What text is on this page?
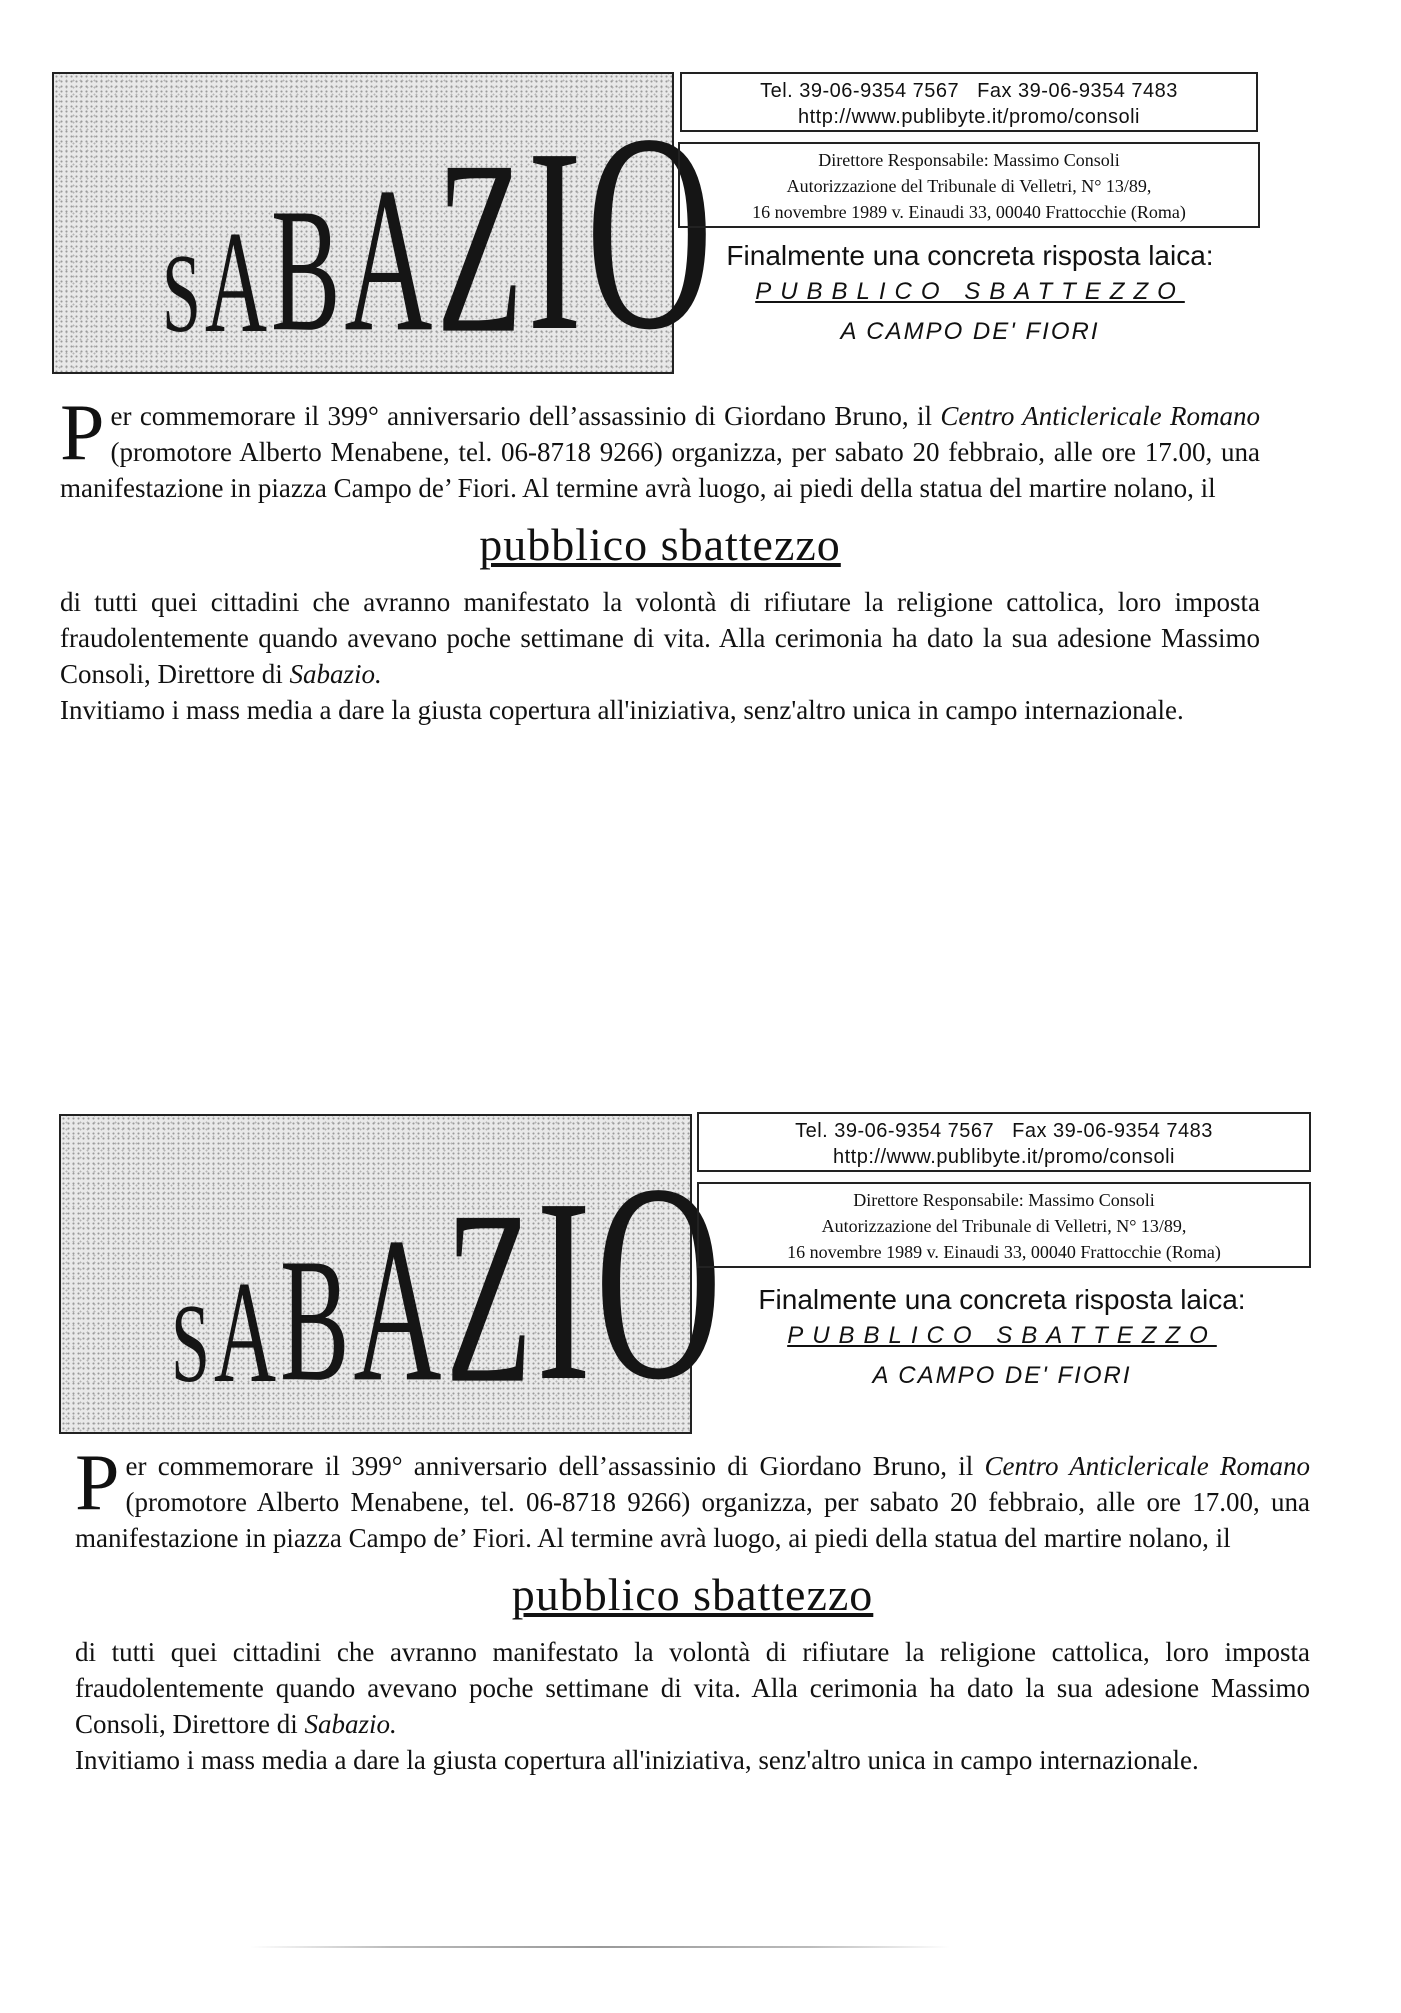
S A B A Z I O	Tel. 39-06-9354 7567 Fax 39-06-9354 7483
http://www.publibyte.it/promo/consoli
Direttore Responsabile: Massimo Consoli
Autorizzazione del Tribunale di Velletri, N° 13/89,
16 novembre 1989 v. Einaudi 33, 00040 Frattocchie (Roma)
Finalmente una concreta risposta laica:
PUBBLICO SBATTEZZO
A CAMPO DE' FIORI

Per commemorare il 399° anniversario dell’assassinio di Giordano Bruno, il Centro Anticlericale Romano (promotore Alberto Menabene, tel. 06-8718 9266) organizza, per sabato 20 febbraio, alle ore 17.00, una manifestazione in piazza Campo de’ Fiori. Al termine avrà luogo, ai piedi della statua del martire nolano, il

pubblico sbattezzo

di tutti quei cittadini che avranno manifestato la volontà di rifiutare la religione cattolica, loro imposta fraudolentemente quando avevano poche settimane di vita. Alla cerimonia ha dato la sua adesione Massimo Consoli, Direttore di Sabazio.

Invitiamo i mass media a dare la giusta copertura all'iniziativa, senz'altro unica in campo internazionale.

S A B A Z I O	Tel. 39-06-9354 7567 Fax 39-06-9354 7483
http://www.publibyte.it/promo/consoli
Direttore Responsabile: Massimo Consoli
Autorizzazione del Tribunale di Velletri, N° 13/89,
16 novembre 1989 v. Einaudi 33, 00040 Frattocchie (Roma)
Finalmente una concreta risposta laica:
PUBBLICO SBATTEZZO
A CAMPO DE' FIORI

Per commemorare il 399° anniversario dell’assassinio di Giordano Bruno, il Centro Anticlericale Romano (promotore Alberto Menabene, tel. 06-8718 9266) organizza, per sabato 20 febbraio, alle ore 17.00, una manifestazione in piazza Campo de’ Fiori. Al termine avrà luogo, ai piedi della statua del martire nolano, il

pubblico sbattezzo

di tutti quei cittadini che avranno manifestato la volontà di rifiutare la religione cattolica, loro imposta fraudolentemente quando avevano poche settimane di vita. Alla cerimonia ha dato la sua adesione Massimo Consoli, Direttore di Sabazio.

Invitiamo i mass media a dare la giusta copertura all'iniziativa, senz'altro unica in campo internazionale.
